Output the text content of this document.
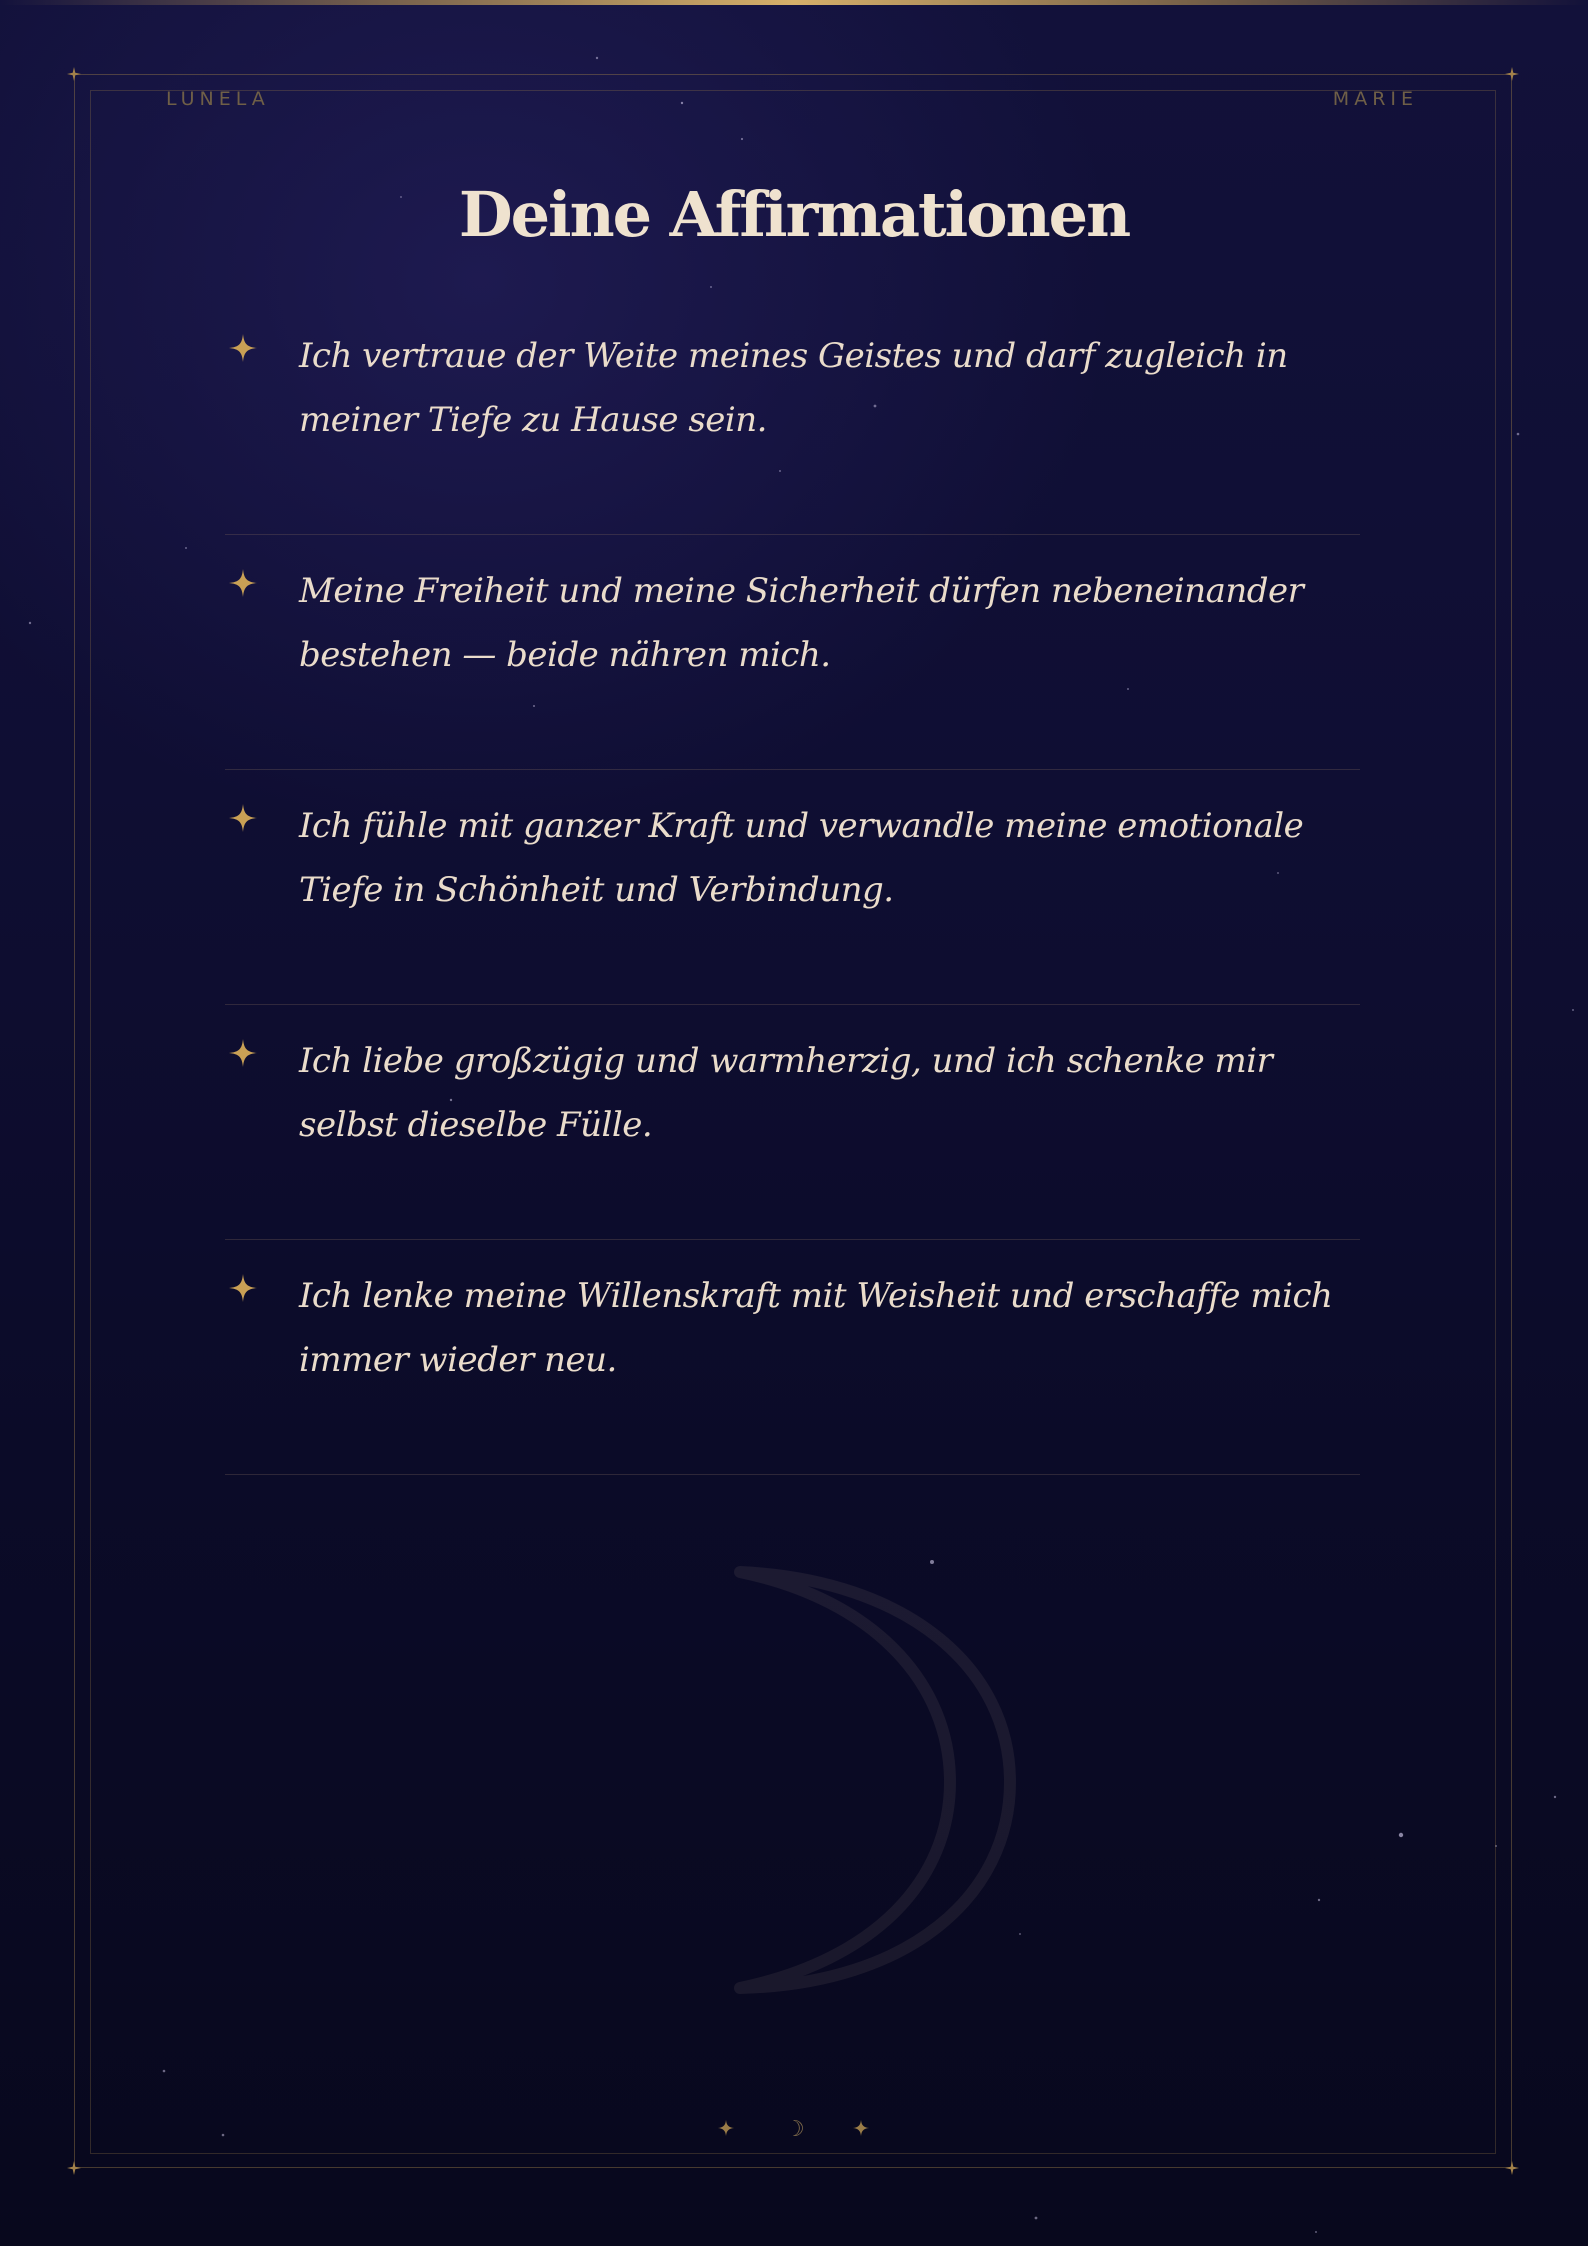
LUNELA	MARIE
Deine Affirmationen
Ich vertraue der Weite meines Geistes und darf zugleich in meiner Tiefe zu Hause sein.
Meine Freiheit und meine Sicherheit dürfen nebeneinander bestehen — beide nähren mich.
Ich fühle mit ganzer Kraft und verwandle meine emotionale Tiefe in Schönheit und Verbindung.
Ich liebe großzügig und warmherzig, und ich schenke mir selbst dieselbe Fülle.
Ich lenke meine Willenskraft mit Weisheit und erschaffe mich immer wieder neu.
☽
